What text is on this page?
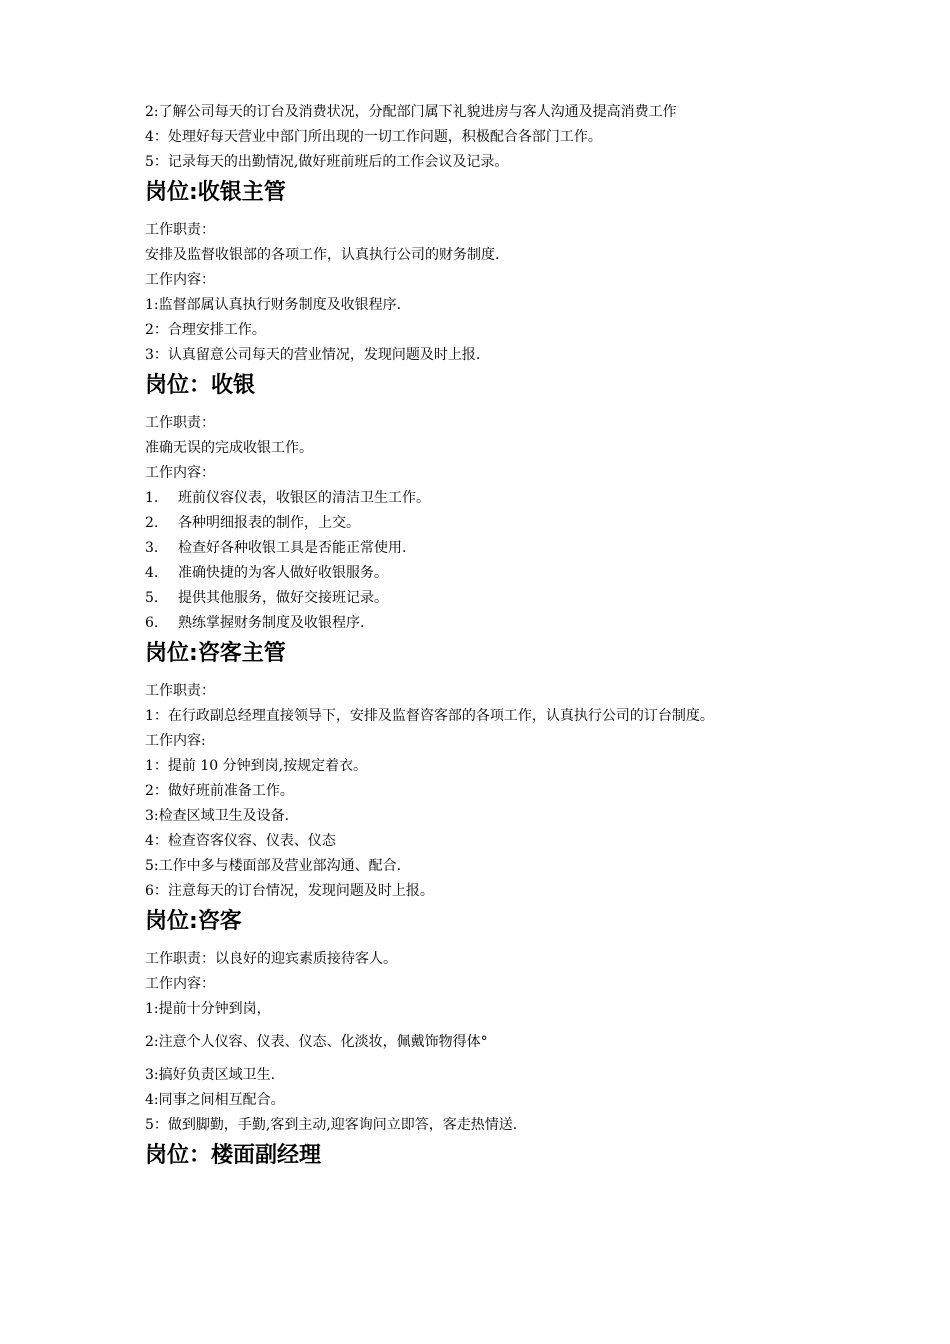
2:了解公司每天的订台及消费状况，分配部门属下礼貌进房与客人沟通及提高消费工作
4：处理好每天营业中部门所出现的一切工作问题，积极配合各部门工作。
5：记录每天的出勤情况,做好班前班后的工作会议及记录。
岗位:收银主管
工作职责：
安排及监督收银部的各项工作，认真执行公司的财务制度.
工作内容：
1:监督部属认真执行财务制度及收银程序.
2：合理安排工作。
3：认真留意公司每天的营业情况，发现问题及时上报.
岗位：收银
工作职责：
准确无误的完成收银工作。
工作内容：
1.	班前仪容仪表，收银区的清洁卫生工作。
2.	各种明细报表的制作，上交。
3.	检查好各种收银工具是否能正常使用.
4.	准确快捷的为客人做好收银服务。
5.	提供其他服务，做好交接班记录。
6.	熟练掌握财务制度及收银程序.
岗位:咨客主管
工作职责：
1：在行政副总经理直接领导下，安排及监督咨客部的各项工作，认真执行公司的订台制度。
工作内容:
1：提前 10 分钟到岗,按规定着衣。
2：做好班前准备工作。
3:检查区域卫生及设备.
4：检查咨客仪容、仪表、仪态
5:工作中多与楼面部及营业部沟通、配合.
6：注意每天的订台情况，发现问题及时上报。
岗位:咨客
工作职责：以良好的迎宾素质接待客人。
工作内容：
1:提前十分钟到岗，
2:注意个人仪容、仪表、仪态、化淡妆，佩戴饰物得体°
3:搞好负责区域卫生.
4:同事之间相互配合。
5：做到脚勤，手勤,客到主动,迎客询问立即答，客走热情送.
岗位：楼面副经理
